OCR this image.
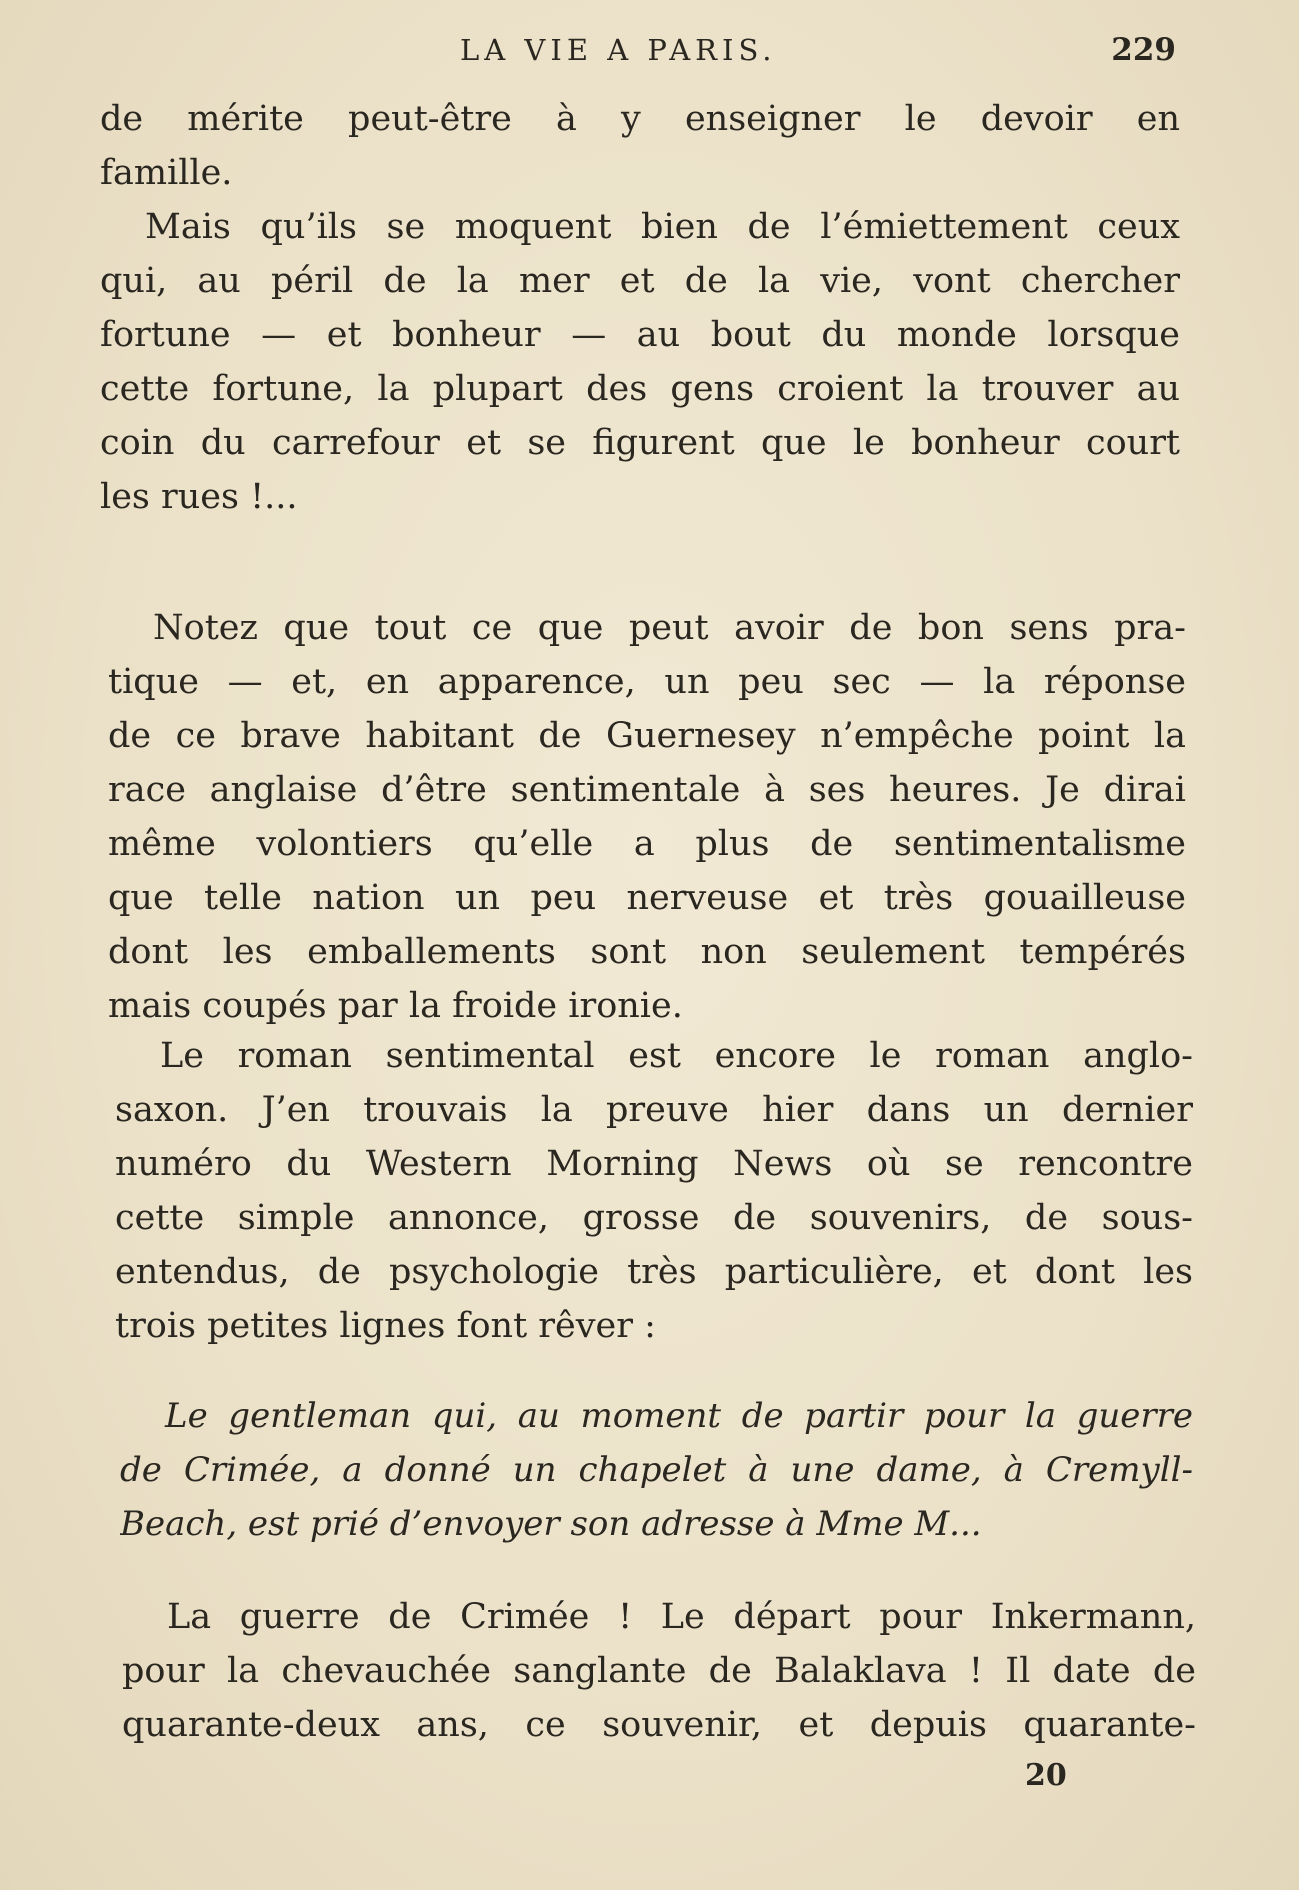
LA VIE A PARIS.	229
de mérite peut-être à y enseigner le devoir en
famille.
Mais qu’ils se moquent bien de l’émiettement ceux
qui, au péril de la mer et de la vie, vont chercher
fortune — et bonheur — au bout du monde lorsque
cette fortune, la plupart des gens croient la trouver au
coin du carrefour et se figurent que le bonheur court
les rues !...
Notez que tout ce que peut avoir de bon sens pra-
tique — et, en apparence, un peu sec — la réponse
de ce brave habitant de Guernesey n’empêche point la
race anglaise d’être sentimentale à ses heures. Je dirai
même volontiers qu’elle a plus de sentimentalisme
que telle nation un peu nerveuse et très gouailleuse
dont les emballements sont non seulement tempérés
mais coupés par la froide ironie.
Le roman sentimental est encore le roman anglo-
saxon. J’en trouvais la preuve hier dans un dernier
numéro du Western Morning News où se rencontre
cette simple annonce, grosse de souvenirs, de sous-
entendus, de psychologie très particulière, et dont les
trois petites lignes font rêver :
Le gentleman qui, au moment de partir pour la guerre
de Crimée, a donné un chapelet à une dame, à Cremyll-
Beach, est prié d’envoyer son adresse à Mme M...
La guerre de Crimée ! Le départ pour Inkermann,
pour la chevauchée sanglante de Balaklava ! Il date de
quarante-deux ans, ce souvenir, et depuis quarante-
20
